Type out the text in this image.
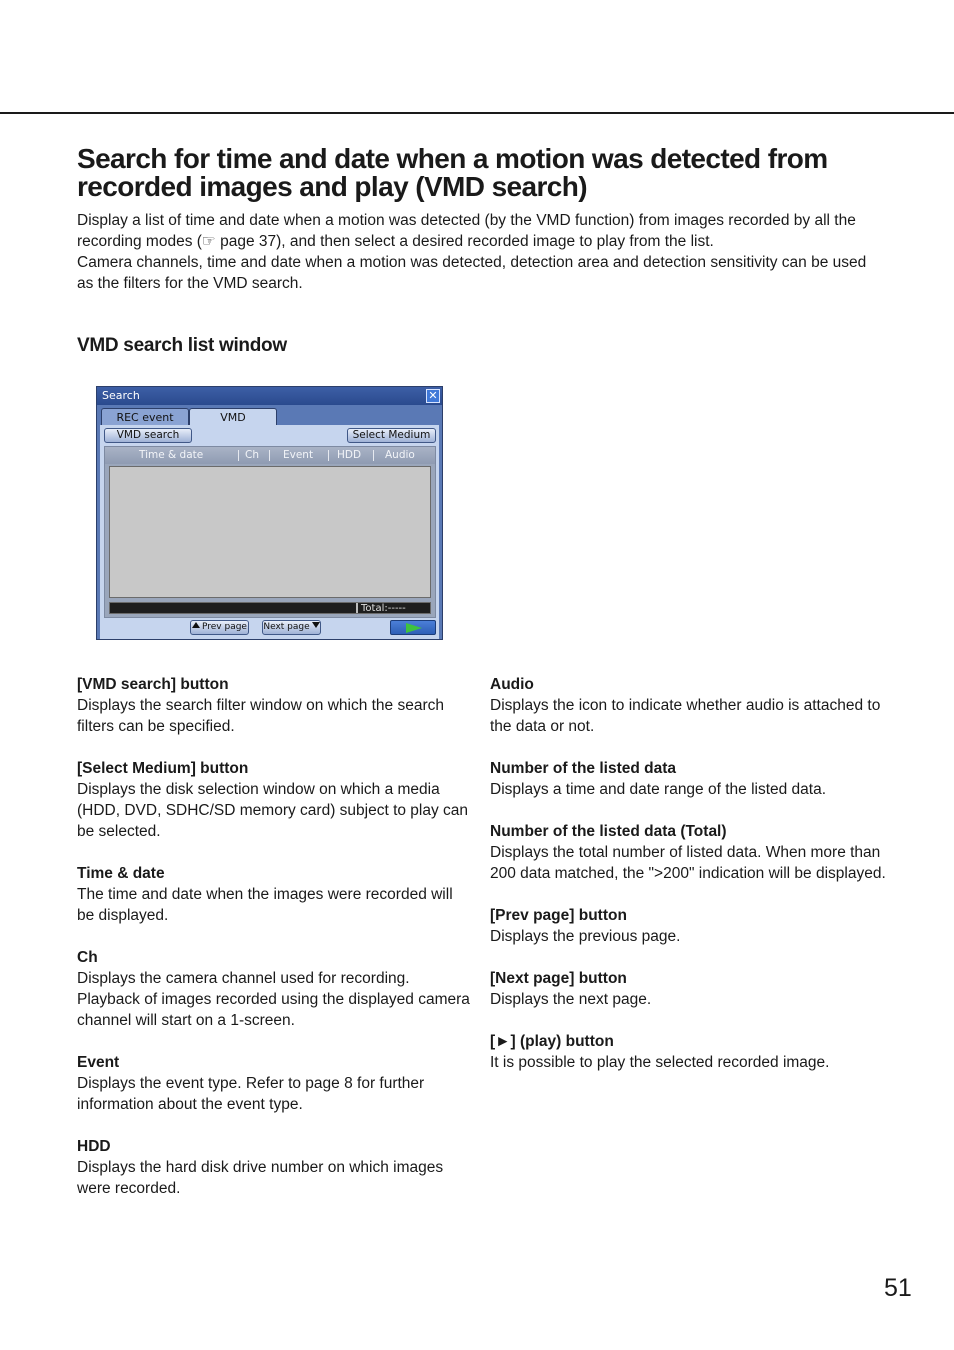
Search for time and date when a motion was detected from recorded images and play (VMD search)

Display a list of time and date when a motion was detected (by the VMD function) from images recorded by all the recording modes (☞ page 37), and then select a desired recorded image to play from the list.

Camera channels, time and date when a motion was detected, detection area and detection sensitivity can be used as the filters for the VMD search.

VMD search list window
Search	✕
REC event	VMD
VMD search	Select Medium
Time & date	Ch Event HDD Audio
Total:-----
Prev page Next page

[VMD search] button

Displays the search filter window on which the search filters can be specified.

[Select Medium] button

Displays the disk selection window on which a media (HDD, DVD, SDHC/SD memory card) subject to play can be selected.

Time & date

The time and date when the images were recorded will be displayed.

Ch

Displays the camera channel used for recording. Playback of images recorded using the displayed camera channel will start on a 1-screen.

Event

Displays the event type. Refer to page 8 for further information about the event type.

HDD

Displays the hard disk drive number on which images were recorded.

Audio

Displays the icon to indicate whether audio is attached to the data or not.

Number of the listed data

Displays a time and date range of the listed data.

Number of the listed data (Total)

Displays the total number of listed data. When more than 200 data matched, the ">200" indication will be displayed.

[Prev page] button

Displays the previous page.

[Next page] button

Displays the next page.

[►] (play) button

It is possible to play the selected recorded image.

51
